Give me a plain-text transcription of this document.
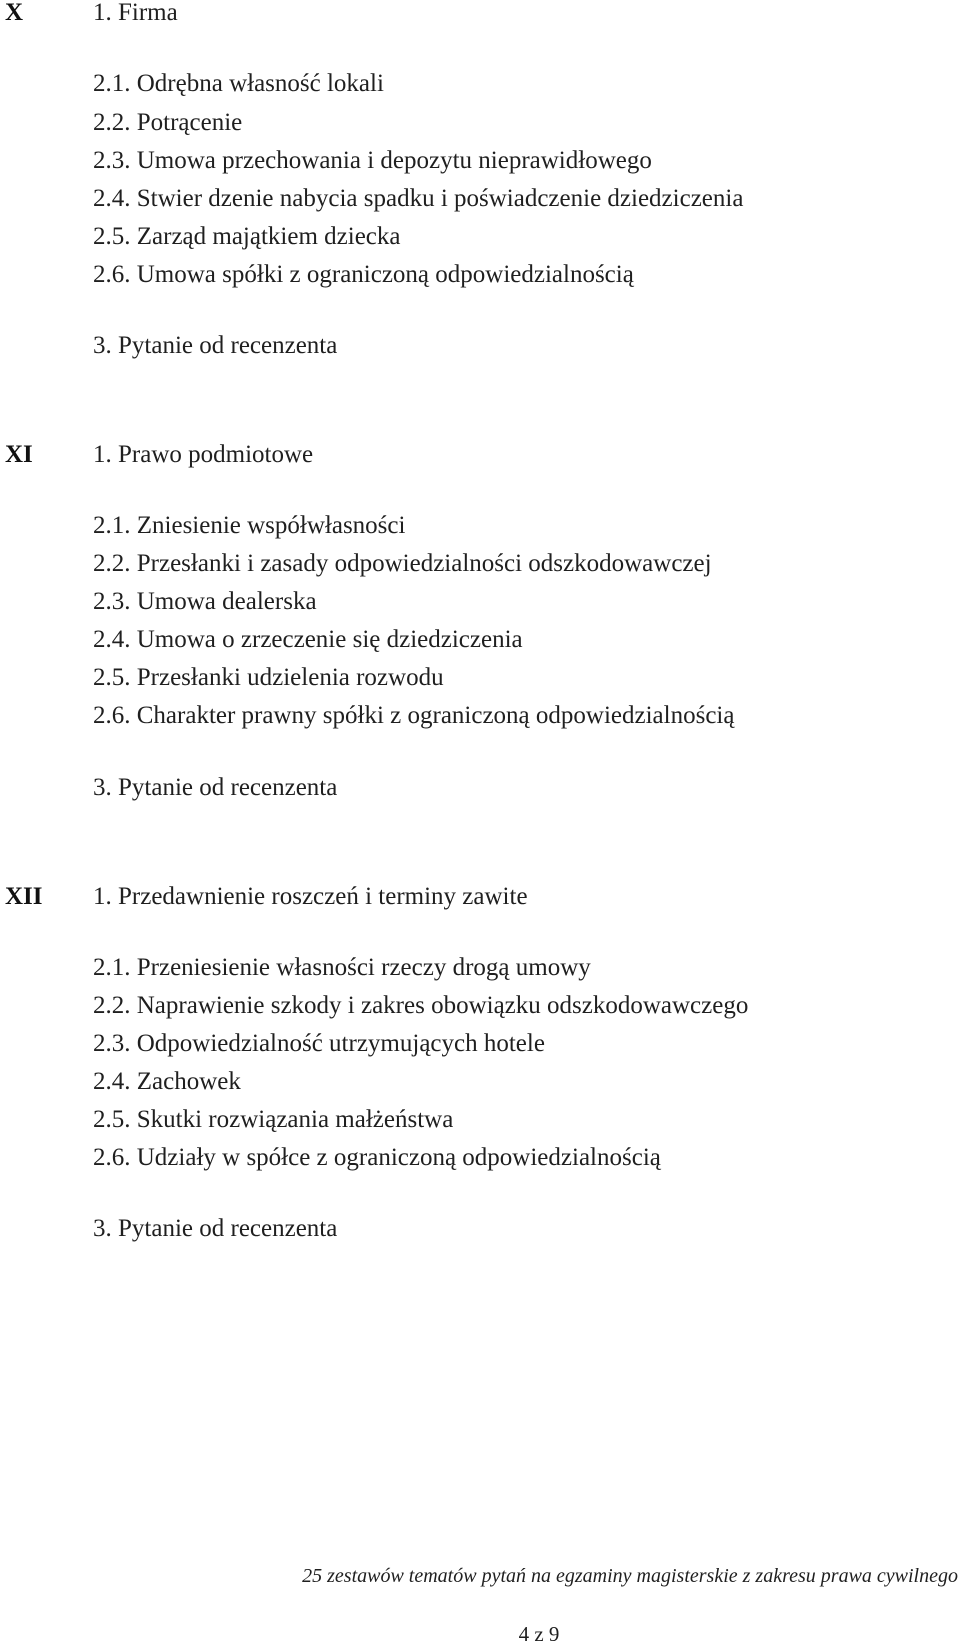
X	1. Firma
2.1. Odrębna własność lokali
2.2. Potrącenie
2.3. Umowa przechowania i depozytu nieprawidłowego
2.4. Stwier dzenie nabycia spadku i poświadczenie dziedziczenia
2.5. Zarząd majątkiem dziecka
2.6. Umowa spółki z ograniczoną odpowiedzialnością
3. Pytanie od recenzenta
XI 1. Prawo podmiotowe
2.1. Zniesienie współwłasności
2.2. Przesłanki i zasady odpowiedzialności odszkodowawczej
2.3. Umowa dealerska
2.4. Umowa o zrzeczenie się dziedziczenia
2.5. Przesłanki udzielenia rozwodu
2.6. Charakter prawny spółki z ograniczoną odpowiedzialnością
3. Pytanie od recenzenta
XII 1. Przedawnienie roszczeń i terminy zawite
2.1. Przeniesienie własności rzeczy drogą umowy
2.2. Naprawienie szkody i zakres obowiązku odszkodowawczego
2.3. Odpowiedzialność utrzymujących hotele
2.4. Zachowek
2.5. Skutki rozwiązania małżeństwa
2.6. Udziały w spółce z ograniczoną odpowiedzialnością
3. Pytanie od recenzenta
25 zestawów tematów pytań na egzaminy magisterskie z zakresu prawa cywilnego
4 z 9
